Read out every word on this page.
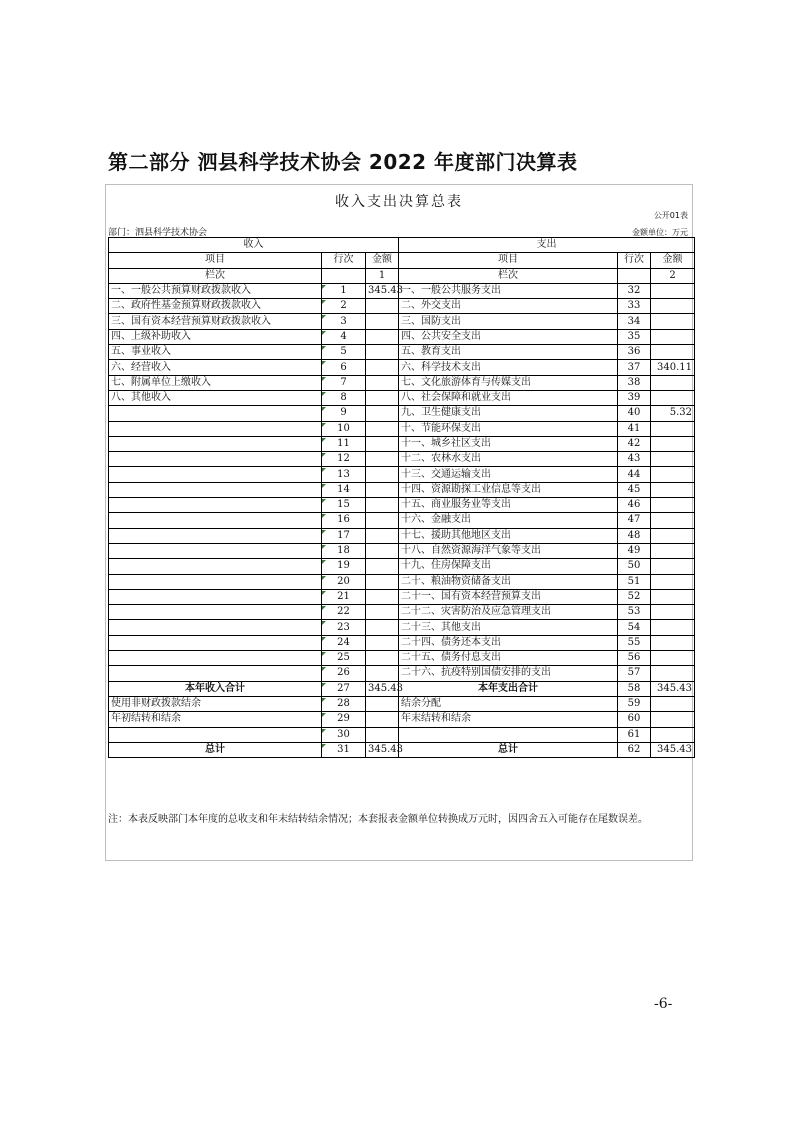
第二部分 泗县科学技术协会 2022 年度部门决算表
收入支出决算总表
公开01表
部门：泗县科学技术协会	金额单位：万元
收入			支出		
项目	行次	金额	项目	行次	金额
栏次		1	栏次		2
一、一般公共预算财政拨款收入	1	345.43	一、一般公共服务支出	32	
二、政府性基金预算财政拨款收入	2		二、外交支出	33	
三、国有资本经营预算财政拨款收入	3		三、国防支出	34	
四、上级补助收入	4		四、公共安全支出	35	
五、事业收入	5		五、教育支出	36	
六、经营收入	6		六、科学技术支出	37	340.11
七、附属单位上缴收入	7		七、文化旅游体育与传媒支出	38	
八、其他收入	8		八、社会保障和就业支出	39	
	9		九、卫生健康支出	40	5.32
	10		十、节能环保支出	41	
	11		十一、城乡社区支出	42	
	12		十二、农林水支出	43	
	13		十三、交通运输支出	44	
	14		十四、资源勘探工业信息等支出	45	
	15		十五、商业服务业等支出	46	
	16		十六、金融支出	47	
	17		十七、援助其他地区支出	48	
	18		十八、自然资源海洋气象等支出	49	
	19		十九、住房保障支出	50	
	20		二十、粮油物资储备支出	51	
	21		二十一、国有资本经营预算支出	52	
	22		二十二、灾害防治及应急管理支出	53	
	23		二十三、其他支出	54	
	24		二十四、债务还本支出	55	
	25		二十五、债务付息支出	56	
	26		二十六、抗疫特别国债安排的支出	57	
本年收入合计	27	345.43	本年支出合计	58	345.43
使用非财政拨款结余	28		结余分配	59	
年初结转和结余	29		年末结转和结余	60	
	30			61	
总计	31	345.43	总计	62	345.43
注：本表反映部门本年度的总收支和年末结转结余情况；本套报表金额单位转换成万元时，因四舍五入可能存在尾数误差。
-6-
